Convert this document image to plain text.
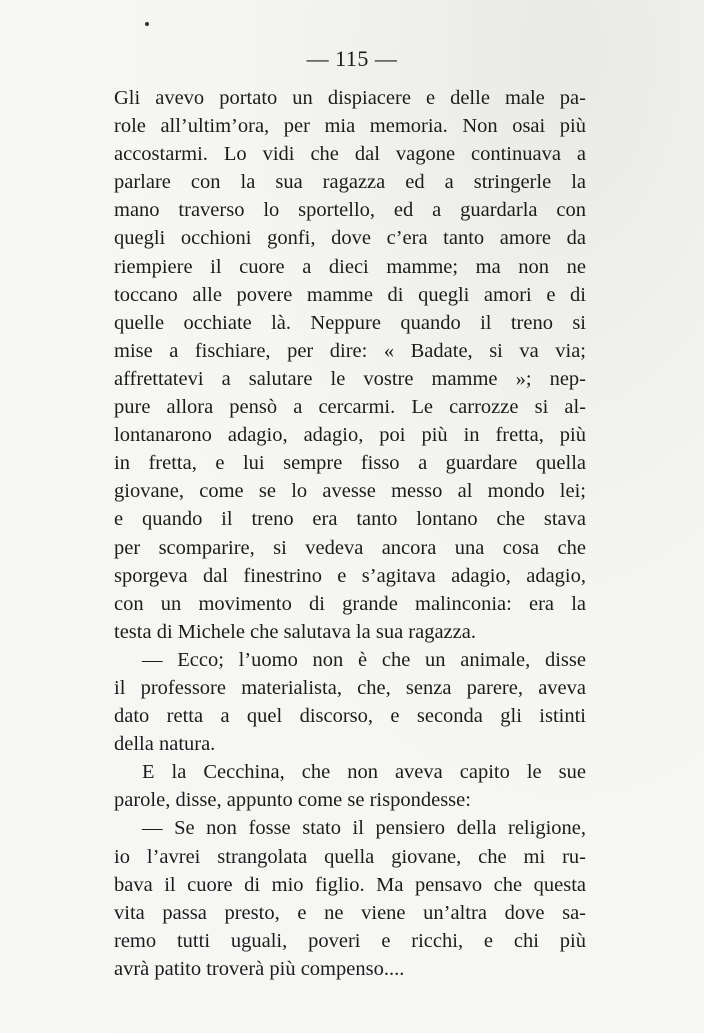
— 115 —
Gli avevo portato un dispiacere e delle male pa-
role all’ultim’ora, per mia memoria. Non osai più
accostarmi. Lo vidi che dal vagone continuava a
parlare con la sua ragazza ed a stringerle la
mano traverso lo sportello, ed a guardarla con
quegli occhioni gonfi, dove c’era tanto amore da
riempiere il cuore a dieci mamme; ma non ne
toccano alle povere mamme di quegli amori e di
quelle occhiate là. Neppure quando il treno si
mise a fischiare, per dire: « Badate, si va via;
affrettatevi a salutare le vostre mamme »; nep-
pure allora pensò a cercarmi. Le carrozze si al-
lontanarono adagio, adagio, poi più in fretta, più
in fretta, e lui sempre fisso a guardare quella
giovane, come se lo avesse messo al mondo lei;
e quando il treno era tanto lontano che stava
per scomparire, si vedeva ancora una cosa che
sporgeva dal finestrino e s’agitava adagio, adagio,
con un movimento di grande malinconia: era la
testa di Michele che salutava la sua ragazza.
— Ecco; l’uomo non è che un animale, disse
il professore materialista, che, senza parere, aveva
dato retta a quel discorso, e seconda gli istinti
della natura.
E la Cecchina, che non aveva capito le sue
parole, disse, appunto come se rispondesse:
— Se non fosse stato il pensiero della religione,
io l’avrei strangolata quella giovane, che mi ru-
bava il cuore di mio figlio. Ma pensavo che questa
vita passa presto, e ne viene un’altra dove sa-
remo tutti uguali, poveri e ricchi, e chi più
avrà patito troverà più compenso....
